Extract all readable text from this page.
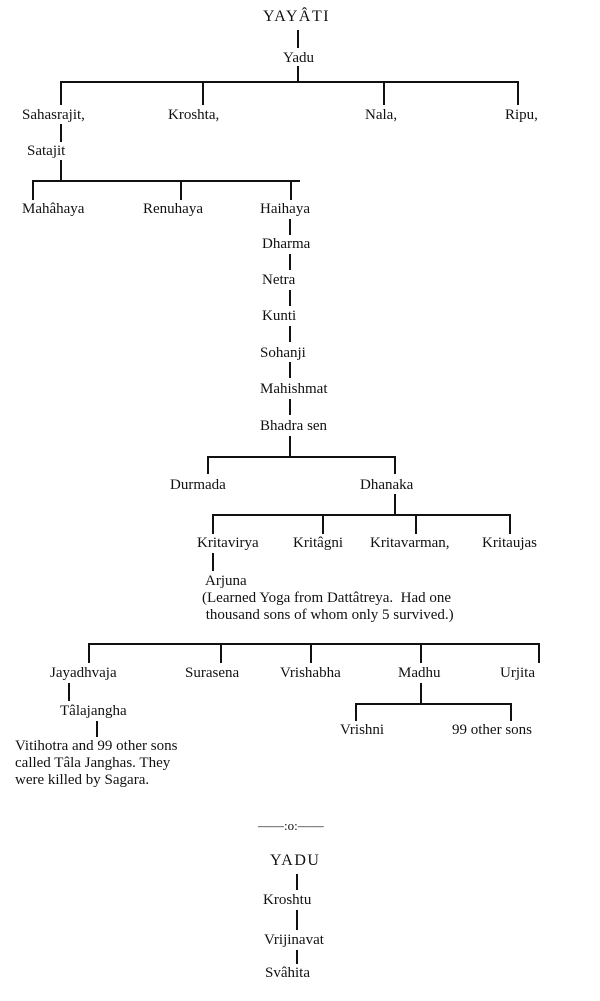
YAYÂTI
Yadu
Sahasrajit,	Kroshta,	Nala,	Ripu,
Satajit
Mahâhaya	Renuhaya	Haihaya
Dharma
Netra
Kunti
Sohanji
Mahishmat
Bhadra sen
Durmada	Dhanaka
Kritavirya Kritâgni Kritavarman, Kritaujas
Arjuna
(Learned Yoga from Dattâtreya.  Had one
thousand sons of whom only 5 survived.)
Jayadhvaja	Surasena	Vrishabha	Madhu	Urjita
Tâlajangha
Vitihotra and 99 other sons
called Tâla Janghas. They
were killed by Sagara.
Vrishni	99 other sons
——:o:——
YADU
Kroshtu
Vrijinavat
Svâhita
